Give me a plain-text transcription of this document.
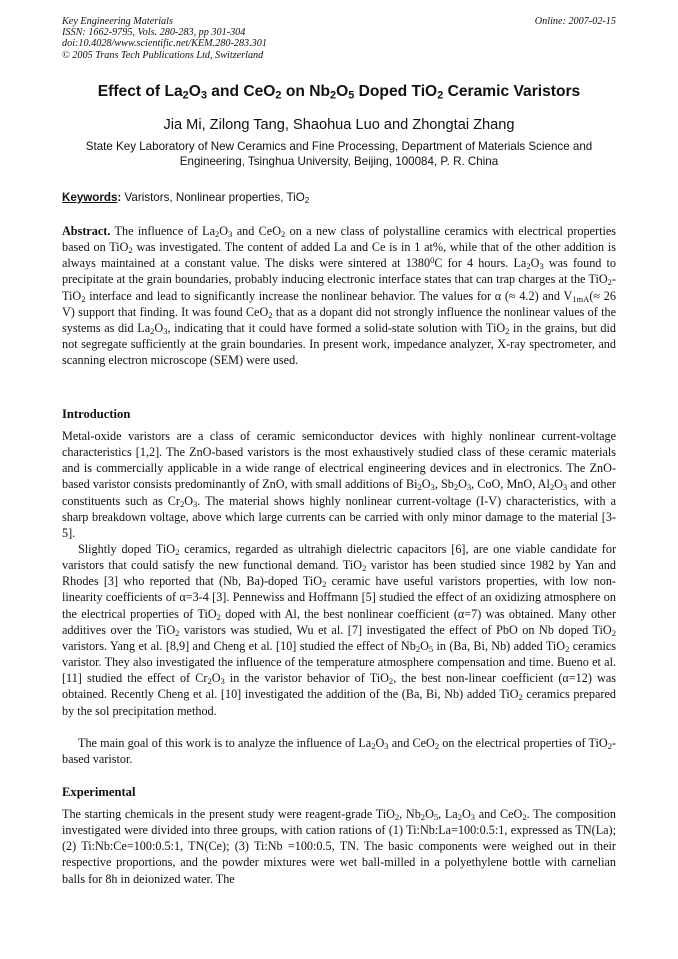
Key Engineering Materials
ISSN: 1662-9795, Vols. 280-283, pp 301-304
doi:10.4028/www.scientific.net/KEM.280-283.301
© 2005 Trans Tech Publications Ltd, Switzerland
Online: 2007-02-15
Effect of $La_2O_3$ and CeO$_2$ on $Nb_2O_5$ Doped TiO$_2$ Ceramic Varistors
Jia Mi, Zilong Tang, Shaohua Luo and Zhongtai Zhang
State Key Laboratory of New Ceramics and Fine Processing, Department of Materials Science and
Engineering, Tsinghua University, Beijing, 100084, P. R. China
Keywords: Varistors, Nonlinear properties, TiO$_2$
Abstract. The influence of $La_2O_3$ and CeO$_2$ on a new class of polystalline ceramics with electrical properties based on TiO$_2$ was investigated. The content of added La and Ce is in 1 at%, while that of the other addition is always maintained at a constant value. The disks were sintered at 1380$^0$C for 4 hours. $La_2O_3$ was found to precipitate at the grain boundaries, probably inducing electronic interface states that can trap charges at the TiO$_2$-TiO$_2$ interface and lead to significantly increase the nonlinear behavior. The values for α (≈ 4.2) and $V_{1mA}(\approx 26$ V) support that finding. It was found CeO$_2$ that as a dopant did not strongly influence the nonlinear values of the systems as did $La_2O_3$, indicating that it could have formed a solid-state solution with TiO$_2$ in the grains, but did not segregate sufficiently at the grain boundaries. In present work, impedance analyzer, X-ray spectrometer, and scanning electron microscope (SEM) were used.
Introduction
Metal-oxide varistors are a class of ceramic semiconductor devices with highly nonlinear current-voltage characteristics [1,2]. The ZnO-based varistors is the most exhaustively studied class of these ceramic materials and is commercially applicable in a wide range of electrical engineering devices and in electronics. The ZnO-based varistor consists predominantly of ZnO, with small additions of $Bi_2O_3$, $Sb_2O_3$, CoO, MnO, $Al_2O_3$ and other constituents such as $Cr_2O_3$. The material shows highly nonlinear current-voltage (I-V) characteristics, with a sharp breakdown voltage, above which large currents can be carried with only minor damage to the material [3-5].
Slightly doped TiO$_2$ ceramics, regarded as ultrahigh dielectric capacitors [6], are one viable candidate for varistors that could satisfy the new functional demand. TiO$_2$ varistor has been studied since 1982 by Yan and Rhodes [3] who reported that (Nb, Ba)-doped TiO$_2$ ceramic have useful varistors properties, with low non-linearity coefficients of α=3-4 [3]. Pennewiss and Hoffmann [5] studied the effect of an oxidizing atmosphere on the electrical properties of TiO$_2$ doped with Al, the best nonlinear coefficient (α=7) was obtained. Many other additives over the TiO$_2$ varistors was studied, Wu et al. [7] investigated the effect of PbO on Nb doped TiO$_2$ varistors. Yang et al. [8,9] and Cheng et al. [10] studied the effect of $Nb_2O_5$ in (Ba, Bi, Nb) added TiO$_2$ ceramics varistor. They also investigated the influence of the temperature atmosphere compensation and time. Bueno et al. [11] studied the effect of $Cr_2O_3$ in the varistor behavior of TiO$_2$, the best non-linear coefficient (α=12) was obtained. Recently Cheng et al. [10] investigated the addition of the (Ba, Bi, Nb) added TiO$_2$ ceramics prepared by the sol precipitation method.
The main goal of this work is to analyze the influence of $La_2O_3$ and CeO$_2$ on the electrical properties of TiO$_2$-based varistor.
Experimental
The starting chemicals in the present study were reagent-grade TiO$_2$, $Nb_2O_5$, $La_2O_3$ and CeO$_2$. The composition investigated were divided into three groups, with cation rations of (1) Ti:Nb:La=100:0.5:1, expressed as TN(La); (2) Ti:Nb:Ce=100:0.5:1, TN(Ce); (3) Ti:Nb =100:0.5, TN. The basic components were weighed out in their respective proportions, and the powder mixtures were wet ball-milled in a polyethylene bottle with carnelian balls for 8h in deionized water. The
